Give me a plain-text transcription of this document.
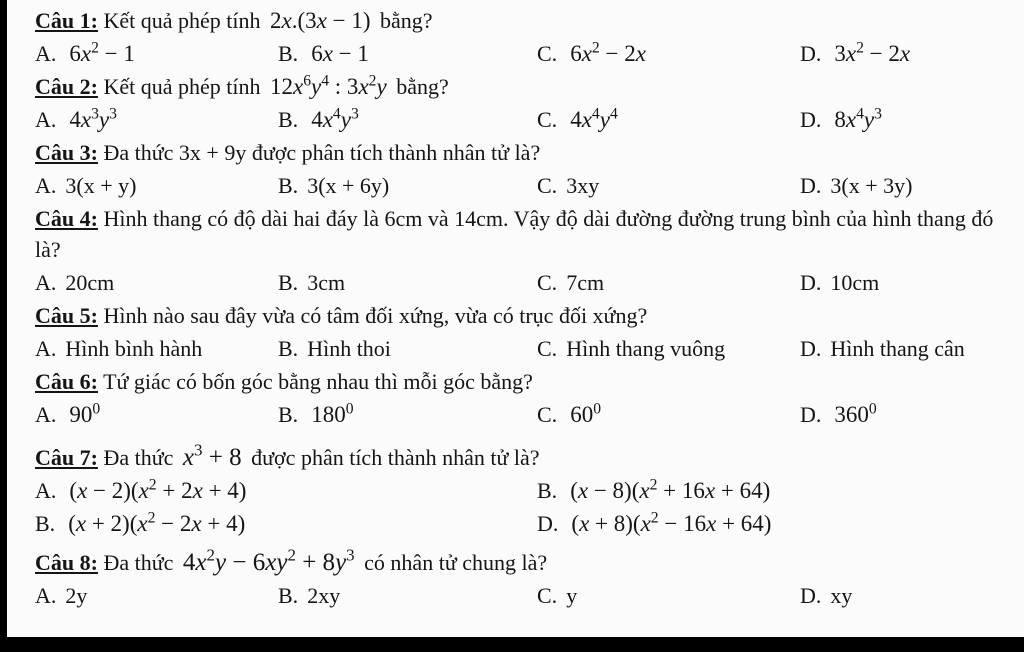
Câu 1: Kết quả phép tính 2x.(3x − 1) bằng?
A. $6x^2 - 1$	B. 6x − 1	C. $6x^2 - 2x$	D. $3x^2 - 2x$
Câu 2: Kết quả phép tính $12x^6y^4$ : $3x^2y$ bằng?
A. $4x^3y^3$	B. $4x^4y^3$	C. $4x^4y^4$	D. $8x^4y^3$
Câu 3: Đa thức 3x + 9y được phân tích thành nhân tử là?
A. 3(x + y)	B. 3(x + 6y)	C. 3xy	D. 3(x + 3y)
Câu 4: Hình thang có độ dài hai đáy là 6cm và 14cm. Vậy độ dài đường đường trung bình của hình thang đó là?
A. 20cm	B. 3cm	C. 7cm	D. 10cm
Câu 5: Hình nào sau đây vừa có tâm đối xứng, vừa có trục đối xứng?
A. Hình bình hành	B. Hình thoi	C. Hình thang vuông	D. Hình thang cân
Câu 6: Tứ giác có bốn góc bằng nhau thì mỗi góc bằng?
A. $90^0$	B. $180^0$	C. $60^0$	D. $360^0$
Câu 7: Đa thức $x^3 + 8$ được phân tích thành nhân tử là?
A. $(x - 2)(x^2 + 2x + 4)$	B. $(x - 8)(x^2 + 16x + 64)$
B. $(x + 2)(x^2 - 2x + 4)$	D. $(x + 8)(x^2 - 16x + 64)$
Câu 8: Đa thức $4x^2y - 6xy^2 + 8y^3$ có nhân tử chung là?
A. 2y	B. 2xy	C. y	D. xy
